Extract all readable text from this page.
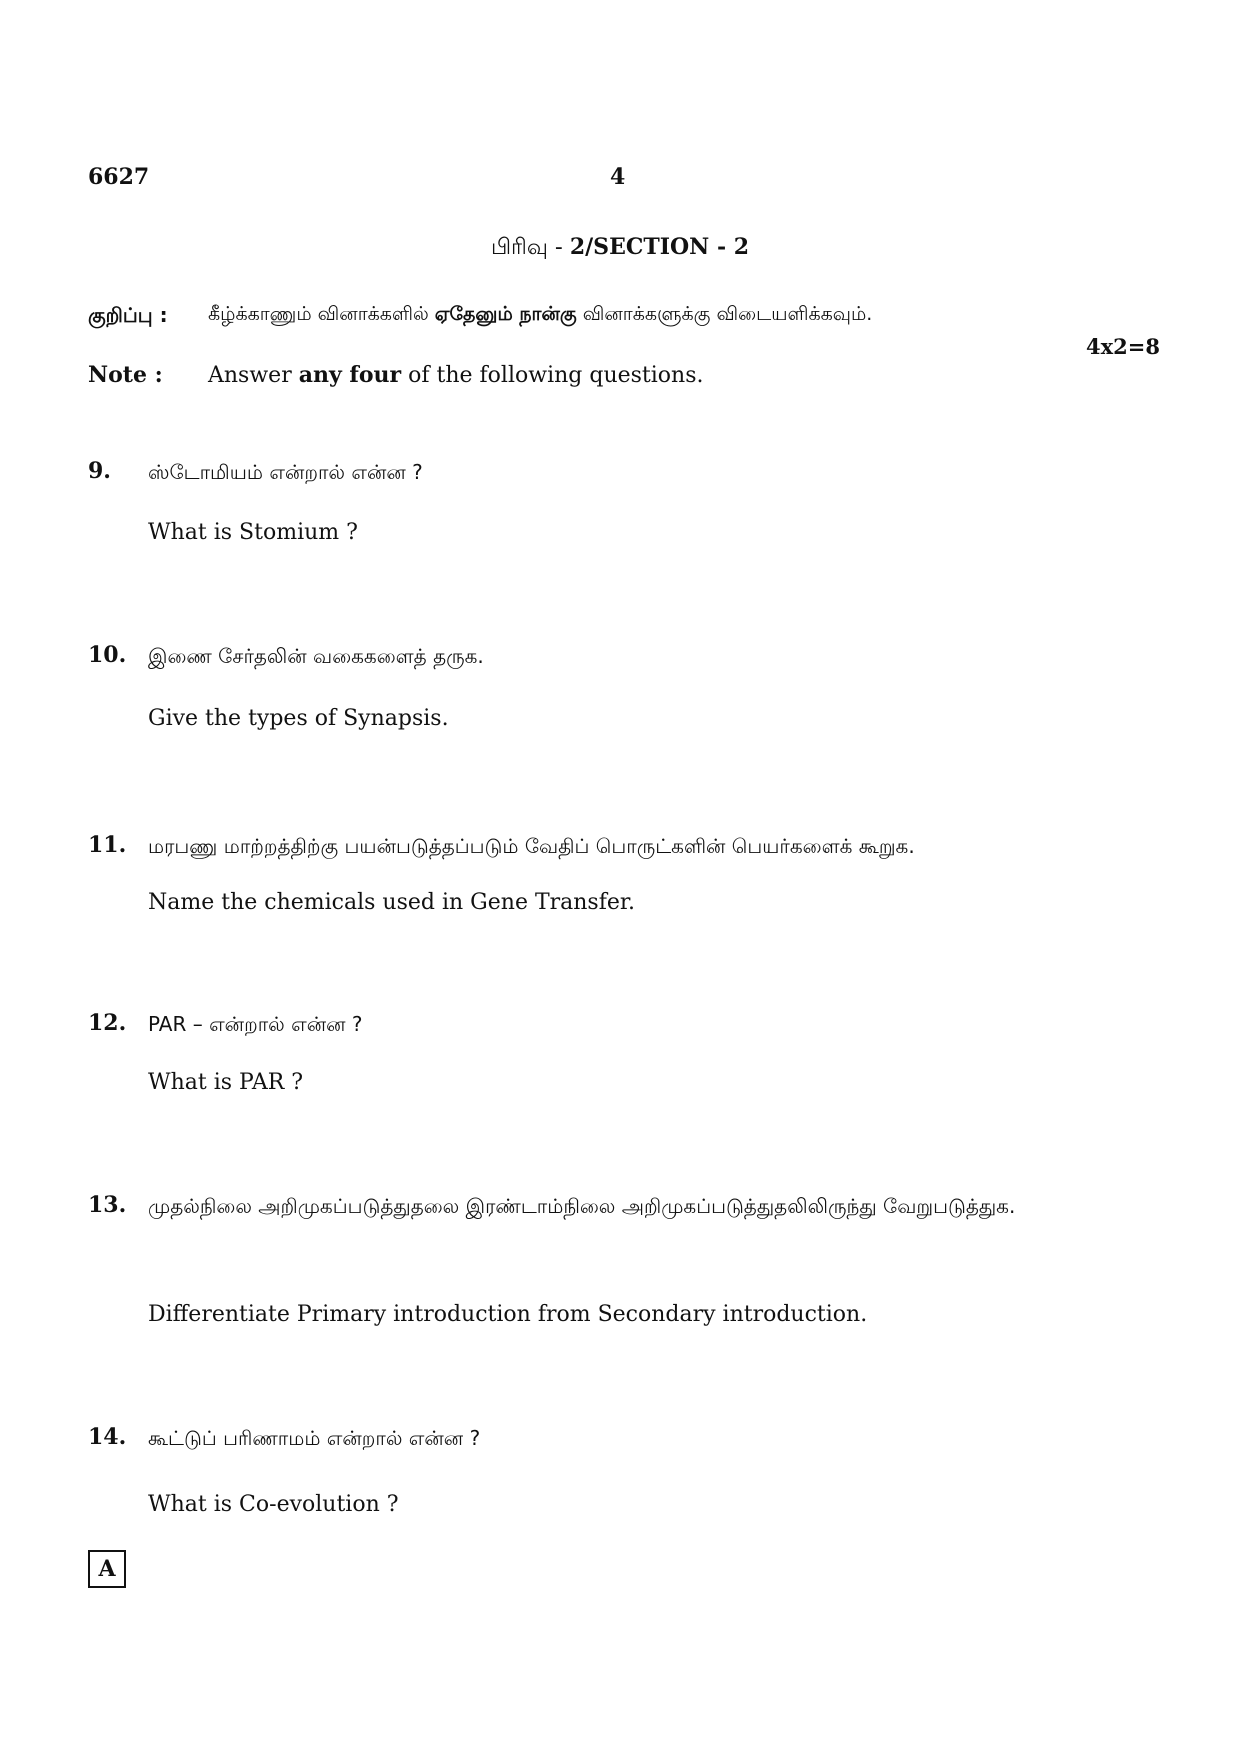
6627	4
பிரிவு - 2/SECTION - 2
குறிப்பு : கீழ்க்காணும் வினாக்களில் ஏதேனும் நான்கு வினாக்களுக்கு விடையளிக்கவும்.
4x2=8
Note : Answer any four of the following questions.
9. ஸ்டோமியம் என்றால் என்ன ?
What is Stomium ?
10. இணை சேர்தலின் வகைகளைத் தருக.
Give the types of Synapsis.
11. மரபணு மாற்றத்திற்கு பயன்படுத்தப்படும் வேதிப் பொருட்களின் பெயர்களைக் கூறுக.
Name the chemicals used in Gene Transfer.
12. PAR – என்றால் என்ன ?
What is PAR ?
13. முதல்நிலை அறிமுகப்படுத்துதலை இரண்டாம்நிலை அறிமுகப்படுத்துதலிலிருந்து வேறுபடுத்துக.
Differentiate Primary introduction from Secondary introduction.
14. கூட்டுப் பரிணாமம் என்றால் என்ன ?
What is Co-evolution ?
A
